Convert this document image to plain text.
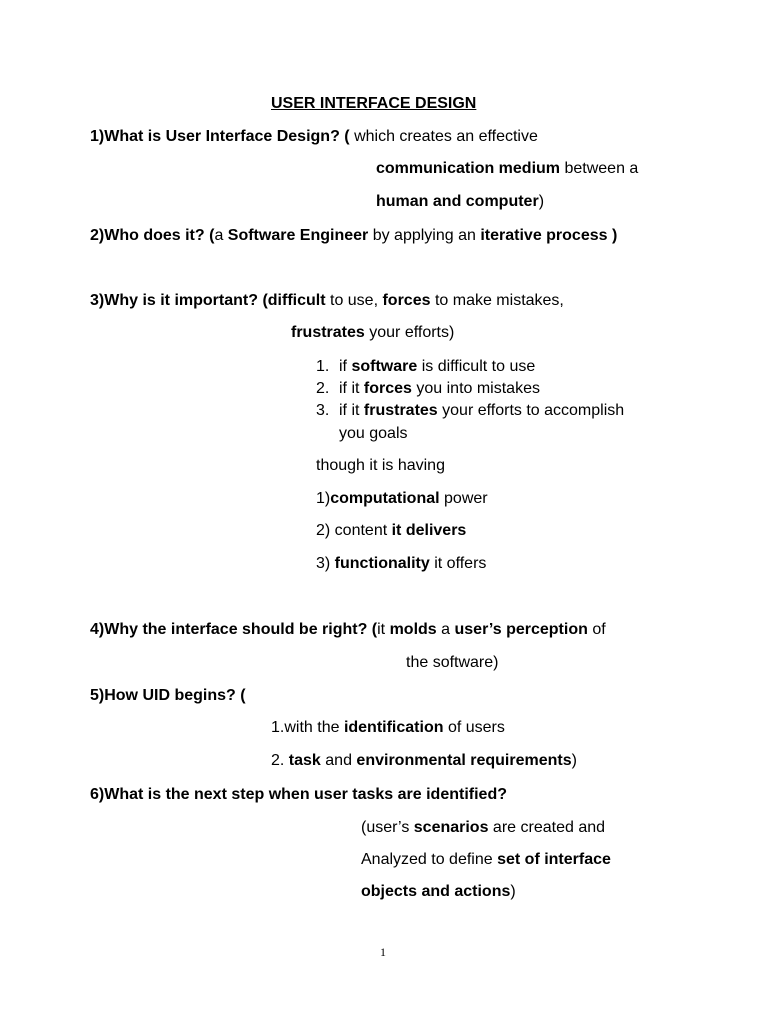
USER INTERFACE DESIGN
1)What is User Interface Design? ( which creates an effective
communication medium between a
human and computer)
2)Who does it? (a Software Engineer by applying an iterative process )
3)Why is it important? (difficult to use, forces to make mistakes,
frustrates your efforts)
1. if software is difficult to use
2. if it forces you into mistakes
3. if it frustrates your efforts to accomplish
you goals
though it is having
1)computational power
2) content it delivers
3) functionality it offers
4)Why the interface should be right? (it molds a user’s perception of
the software)
5)How UID begins? (
1.with the identification of users
2. task and environmental requirements)
6)What is the next step when user tasks are identified?
(user’s scenarios are created and
Analyzed to define set of interface
objects and actions)
1
